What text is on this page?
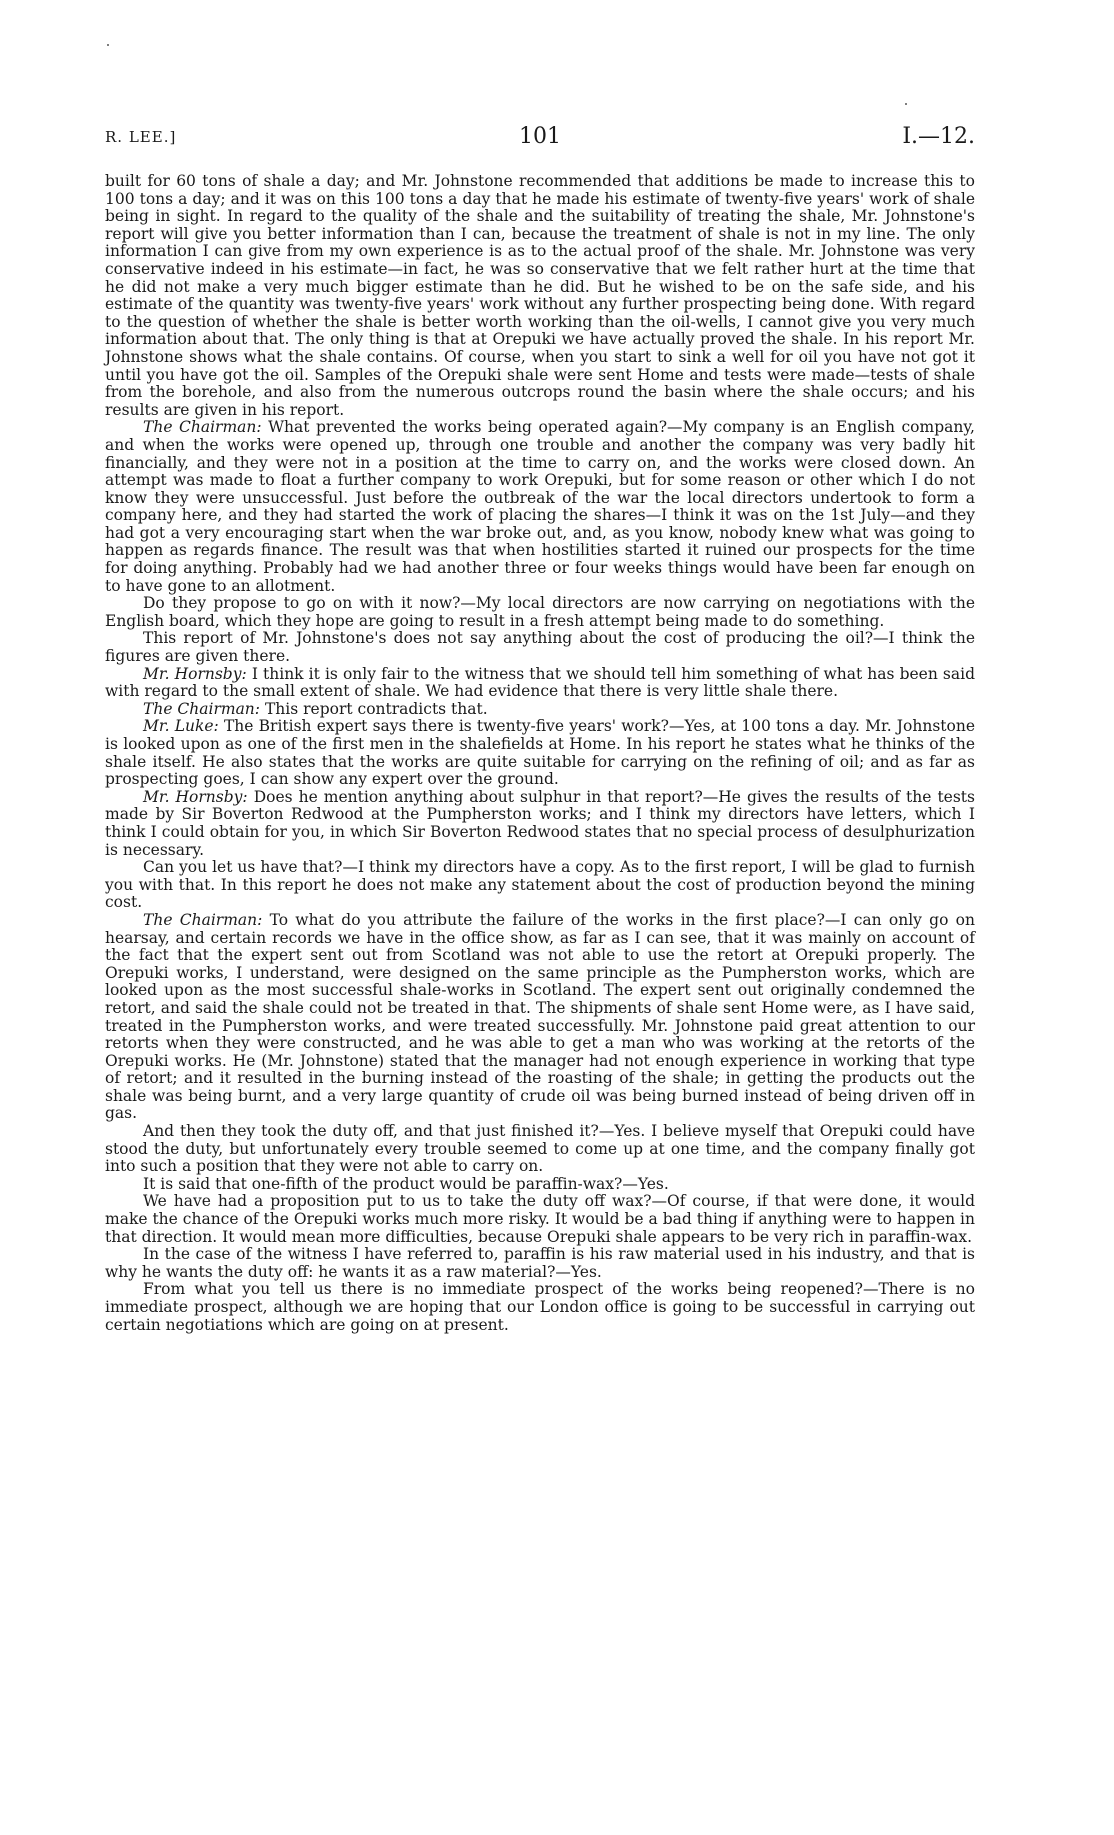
R. LEE.]	101	I.—12.

built for 60 tons of shale a day; and Mr. Johnstone recommended that additions be made to increase this to 100 tons a day; and it was on this 100 tons a day that he made his estimate of twenty-five years' work of shale being in sight. In regard to the quality of the shale and the suitability of treating the shale, Mr. Johnstone's report will give you better information than I can, because the treatment of shale is not in my line. The only information I can give from my own experience is as to the actual proof of the shale. Mr. Johnstone was very conservative indeed in his estimate—in fact, he was so conservative that we felt rather hurt at the time that he did not make a very much bigger estimate than he did. But he wished to be on the safe side, and his estimate of the quantity was twenty-five years' work without any further prospecting being done. With regard to the question of whether the shale is better worth working than the oil-wells, I cannot give you very much information about that. The only thing is that at Orepuki we have actually proved the shale. In his report Mr. Johnstone shows what the shale contains. Of course, when you start to sink a well for oil you have not got it until you have got the oil. Samples of the Orepuki shale were sent Home and tests were made—tests of shale from the borehole, and also from the numerous outcrops round the basin where the shale occurs; and his results are given in his report.

The Chairman: What prevented the works being operated again?—My company is an English company, and when the works were opened up, through one trouble and another the company was very badly hit financially, and they were not in a position at the time to carry on, and the works were closed down. An attempt was made to float a further company to work Orepuki, but for some reason or other which I do not know they were unsuccessful. Just before the outbreak of the war the local directors undertook to form a company here, and they had started the work of placing the shares—I think it was on the 1st July—and they had got a very encouraging start when the war broke out, and, as you know, nobody knew what was going to happen as regards finance. The result was that when hostilities started it ruined our prospects for the time for doing anything. Probably had we had another three or four weeks things would have been far enough on to have gone to an allotment.

Do they propose to go on with it now?—My local directors are now carrying on negotiations with the English board, which they hope are going to result in a fresh attempt being made to do something.

This report of Mr. Johnstone's does not say anything about the cost of producing the oil?—I think the figures are given there.

Mr. Hornsby: I think it is only fair to the witness that we should tell him something of what has been said with regard to the small extent of shale. We had evidence that there is very little shale there.

The Chairman: This report contradicts that.

Mr. Luke: The British expert says there is twenty-five years' work?—Yes, at 100 tons a day. Mr. Johnstone is looked upon as one of the first men in the shalefields at Home. In his report he states what he thinks of the shale itself. He also states that the works are quite suitable for carrying on the refining of oil; and as far as prospecting goes, I can show any expert over the ground.

Mr. Hornsby: Does he mention anything about sulphur in that report?—He gives the results of the tests made by Sir Boverton Redwood at the Pumpherston works; and I think my directors have letters, which I think I could obtain for you, in which Sir Boverton Redwood states that no special process of desulphurization is necessary.

Can you let us have that?—I think my directors have a copy. As to the first report, I will be glad to furnish you with that. In this report he does not make any statement about the cost of production beyond the mining cost.

The Chairman: To what do you attribute the failure of the works in the first place?—I can only go on hearsay, and certain records we have in the office show, as far as I can see, that it was mainly on account of the fact that the expert sent out from Scotland was not able to use the retort at Orepuki properly. The Orepuki works, I understand, were designed on the same principle as the Pumpherston works, which are looked upon as the most successful shale-works in Scotland. The expert sent out originally condemned the retort, and said the shale could not be treated in that. The shipments of shale sent Home were, as I have said, treated in the Pumpherston works, and were treated successfully. Mr. Johnstone paid great attention to our retorts when they were constructed, and he was able to get a man who was working at the retorts of the Orepuki works. He (Mr. Johnstone) stated that the manager had not enough experience in working that type of retort; and it resulted in the burning instead of the roasting of the shale; in getting the products out the shale was being burnt, and a very large quantity of crude oil was being burned instead of being driven off in gas.

And then they took the duty off, and that just finished it?—Yes. I believe myself that Orepuki could have stood the duty, but unfortunately every trouble seemed to come up at one time, and the company finally got into such a position that they were not able to carry on.

It is said that one-fifth of the product would be paraffin-wax?—Yes.

We have had a proposition put to us to take the duty off wax?—Of course, if that were done, it would make the chance of the Orepuki works much more risky. It would be a bad thing if anything were to happen in that direction. It would mean more difficulties, because Orepuki shale appears to be very rich in paraffin-wax.

In the case of the witness I have referred to, paraffin is his raw material used in his industry, and that is why he wants the duty off: he wants it as a raw material?—Yes.

From what you tell us there is no immediate prospect of the works being reopened?—There is no immediate prospect, although we are hoping that our London office is going to be successful in carrying out certain negotiations which are going on at present.
